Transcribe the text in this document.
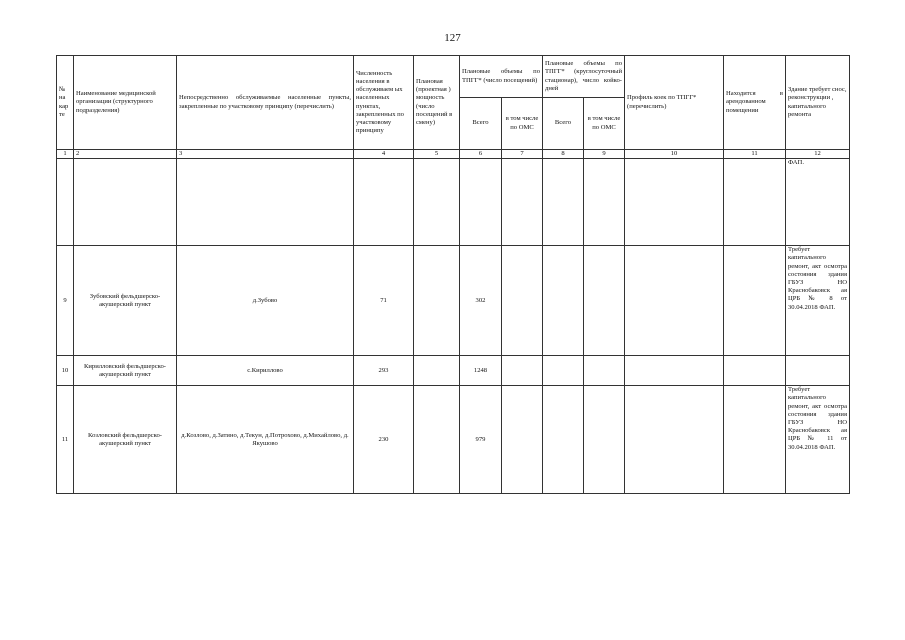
127
№ на кар те	Наименование медицинской организации (структурного подразделения)	Непосредственно обслуживаемые населенные пункты, закрепленные по участковому принципу (перечислить)	Численность населения в обслуживаем ых населенных пунктах, закрепленных по участковому принципу	Плановая (проектная ) мощность (число посещений в смену)	Плановые объемы по ТПГГ* (число посещений)		Плановые объемы по ТПГГ* (круглосуточный стационар), число койко-дней		Профиль коек по ТПГГ* (перечислить)	Находится в арендованном помещении	Здание требует снос, реконструкции , капитального ремонта
					Всего	в том числе по ОМС	Всего	в том числе по ОМС			
1	2	3	4	5	6	7	8	9	10	11	12
											ФАП.
9	Зубовский фельдшерско-акушерский пункт	д.Зубово	71		302						Требует капитального ремонт, акт осмотра состояния здания ГБУЗ НО Краснобаковск ая ЦРБ № 8 от 30.04.2018 ФАП.
10	Кирилловский фельдшерско-акушерский пункт	с.Кириллово	293		1248						
11	Козловский фельдшерско-акушерский пункт	д.Козлово, д.Затино, д.Текун, д.Потрохово, д.Михайлово, д. Якушово	230		979						Требует капитального ремонт, акт осмотра состояния здания ГБУЗ НО Краснобаковск ая ЦРБ № 11 от 30.04.2018 ФАП.
